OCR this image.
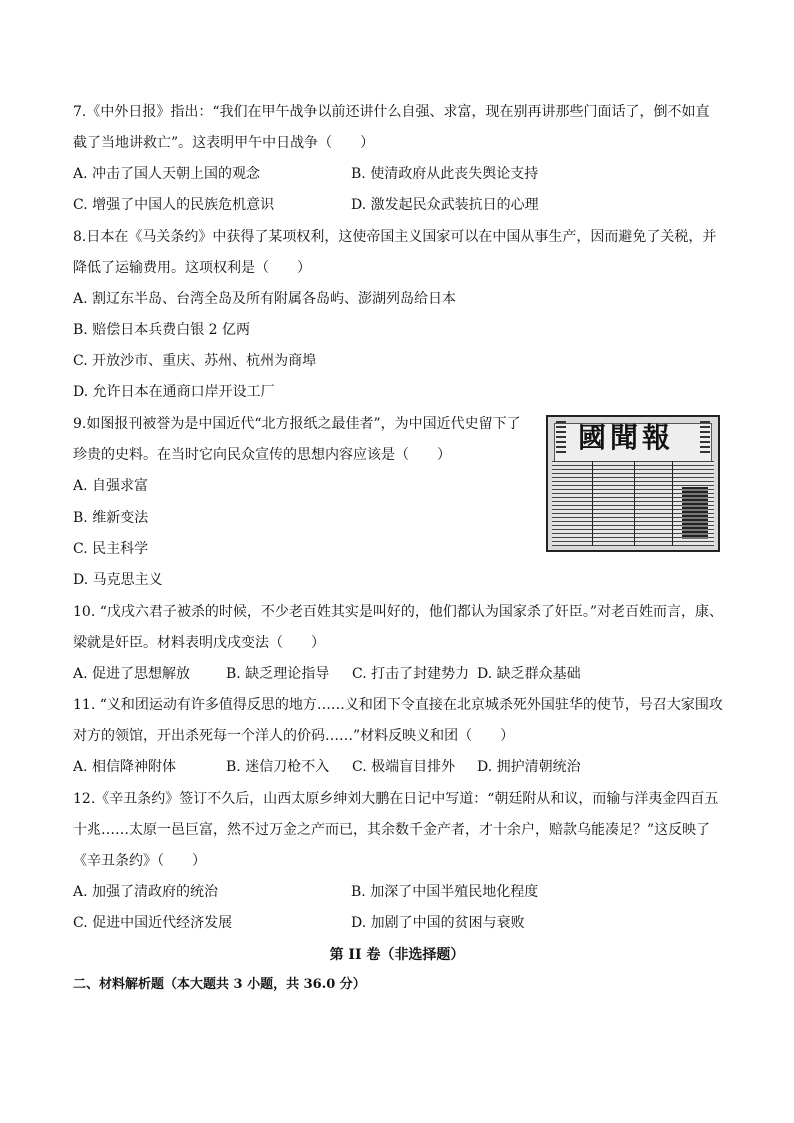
7.《中外日报》指出：“我们在甲午战争以前还讲什么自强、求富，现在别再讲那些门面话了，倒不如直
截了当地讲救亡”。这表明甲午中日战争（　　）
A. 冲击了国人天朝上国的观念	B. 使清政府从此丧失舆论支持
C. 增强了中国人的民族危机意识	D. 激发起民众武装抗日的心理
8.日本在《马关条约》中获得了某项权利，这使帝国主义国家可以在中国从事生产，因而避免了关税，并
降低了运输费用。这项权利是（　　）
A. 割辽东半岛、台湾全岛及所有附属各岛屿、澎湖列岛给日本
B. 赔偿日本兵费白银 2 亿两
C. 开放沙市、重庆、苏州、杭州为商埠
D. 允许日本在通商口岸开设工厂
9.如图报刊被誉为是中国近代“北方报纸之最佳者”，为中国近代史留下了
珍贵的史料。在当时它向民众宣传的思想内容应该是（　　）
A. 自强求富
B. 维新变法
C. 民主科学
D. 马克思主义
國聞報
10. “戊戌六君子被杀的时候，不少老百姓其实是叫好的，他们都认为国家杀了奸臣。”对老百姓而言，康、
梁就是奸臣。材料表明戊戌变法（　　）
A. 促进了思想解放	B. 缺乏理论指导 C. 打击了封建势力 D. 缺乏群众基础
11. “义和团运动有许多值得反思的地方……义和团下令直接在北京城杀死外国驻华的使节，号召大家围攻
对方的领馆，开出杀死每一个洋人的价码……”材料反映义和团（　　）
A. 相信降神附体	B. 迷信刀枪不入 C. 极端盲目排外 D. 拥护清朝统治
12.《辛丑条约》签订不久后，山西太原乡绅刘大鹏在日记中写道：“朝廷附从和议，而输与洋夷金四百五
十兆……太原一邑巨富，然不过万金之产而已，其余数千金产者，才十余户，赔款乌能凑足？”这反映了
《辛丑条约》（　　）
A. 加强了清政府的统治	B. 加深了中国半殖民地化程度
C. 促进中国近代经济发展	D. 加剧了中国的贫困与衰败
第 II 卷（非选择题）
二、材料解析题（本大题共 3 小题，共 36.0 分）
